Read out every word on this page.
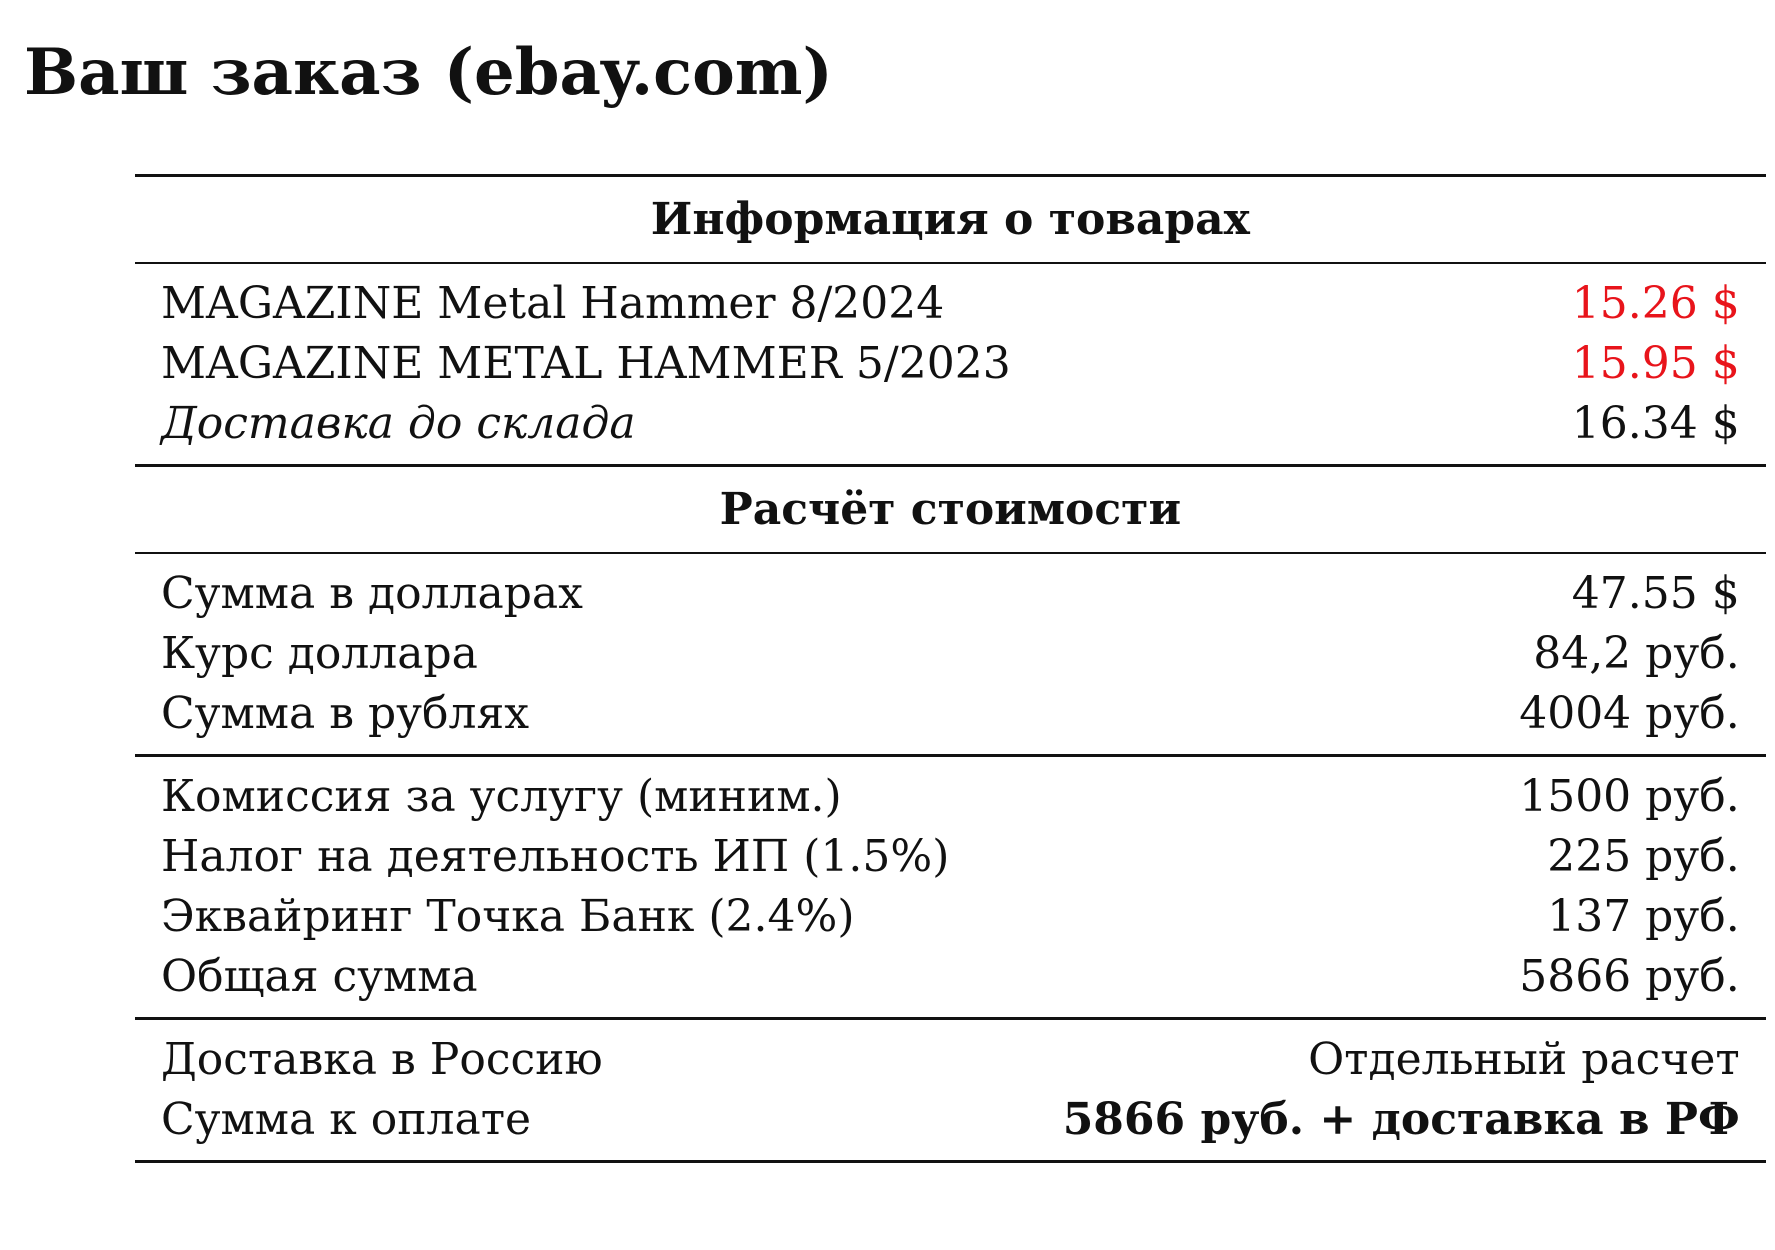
Ваш заказ (ebay.com)
Информация о товарах	
MAGAZINE Metal Hammer 8/2024	15.26 $
MAGAZINE METAL HAMMER 5/2023	15.95 $
Доставка до склада	16.34 $
Расчёт стоимости	
Сумма в долларах	47.55 $
Курс доллара	84,2 руб.
Сумма в рублях	4004 руб.
Комиссия за услугу (миним.)	1500 руб.
Налог на деятельность ИП (1.5%)	225 руб.
Эквайринг Точка Банк (2.4%)	137 руб.
Общая сумма	5866 руб.
Доставка в Россию	Отдельный расчет
Сумма к оплате	5866 руб. + доставка в РФ
